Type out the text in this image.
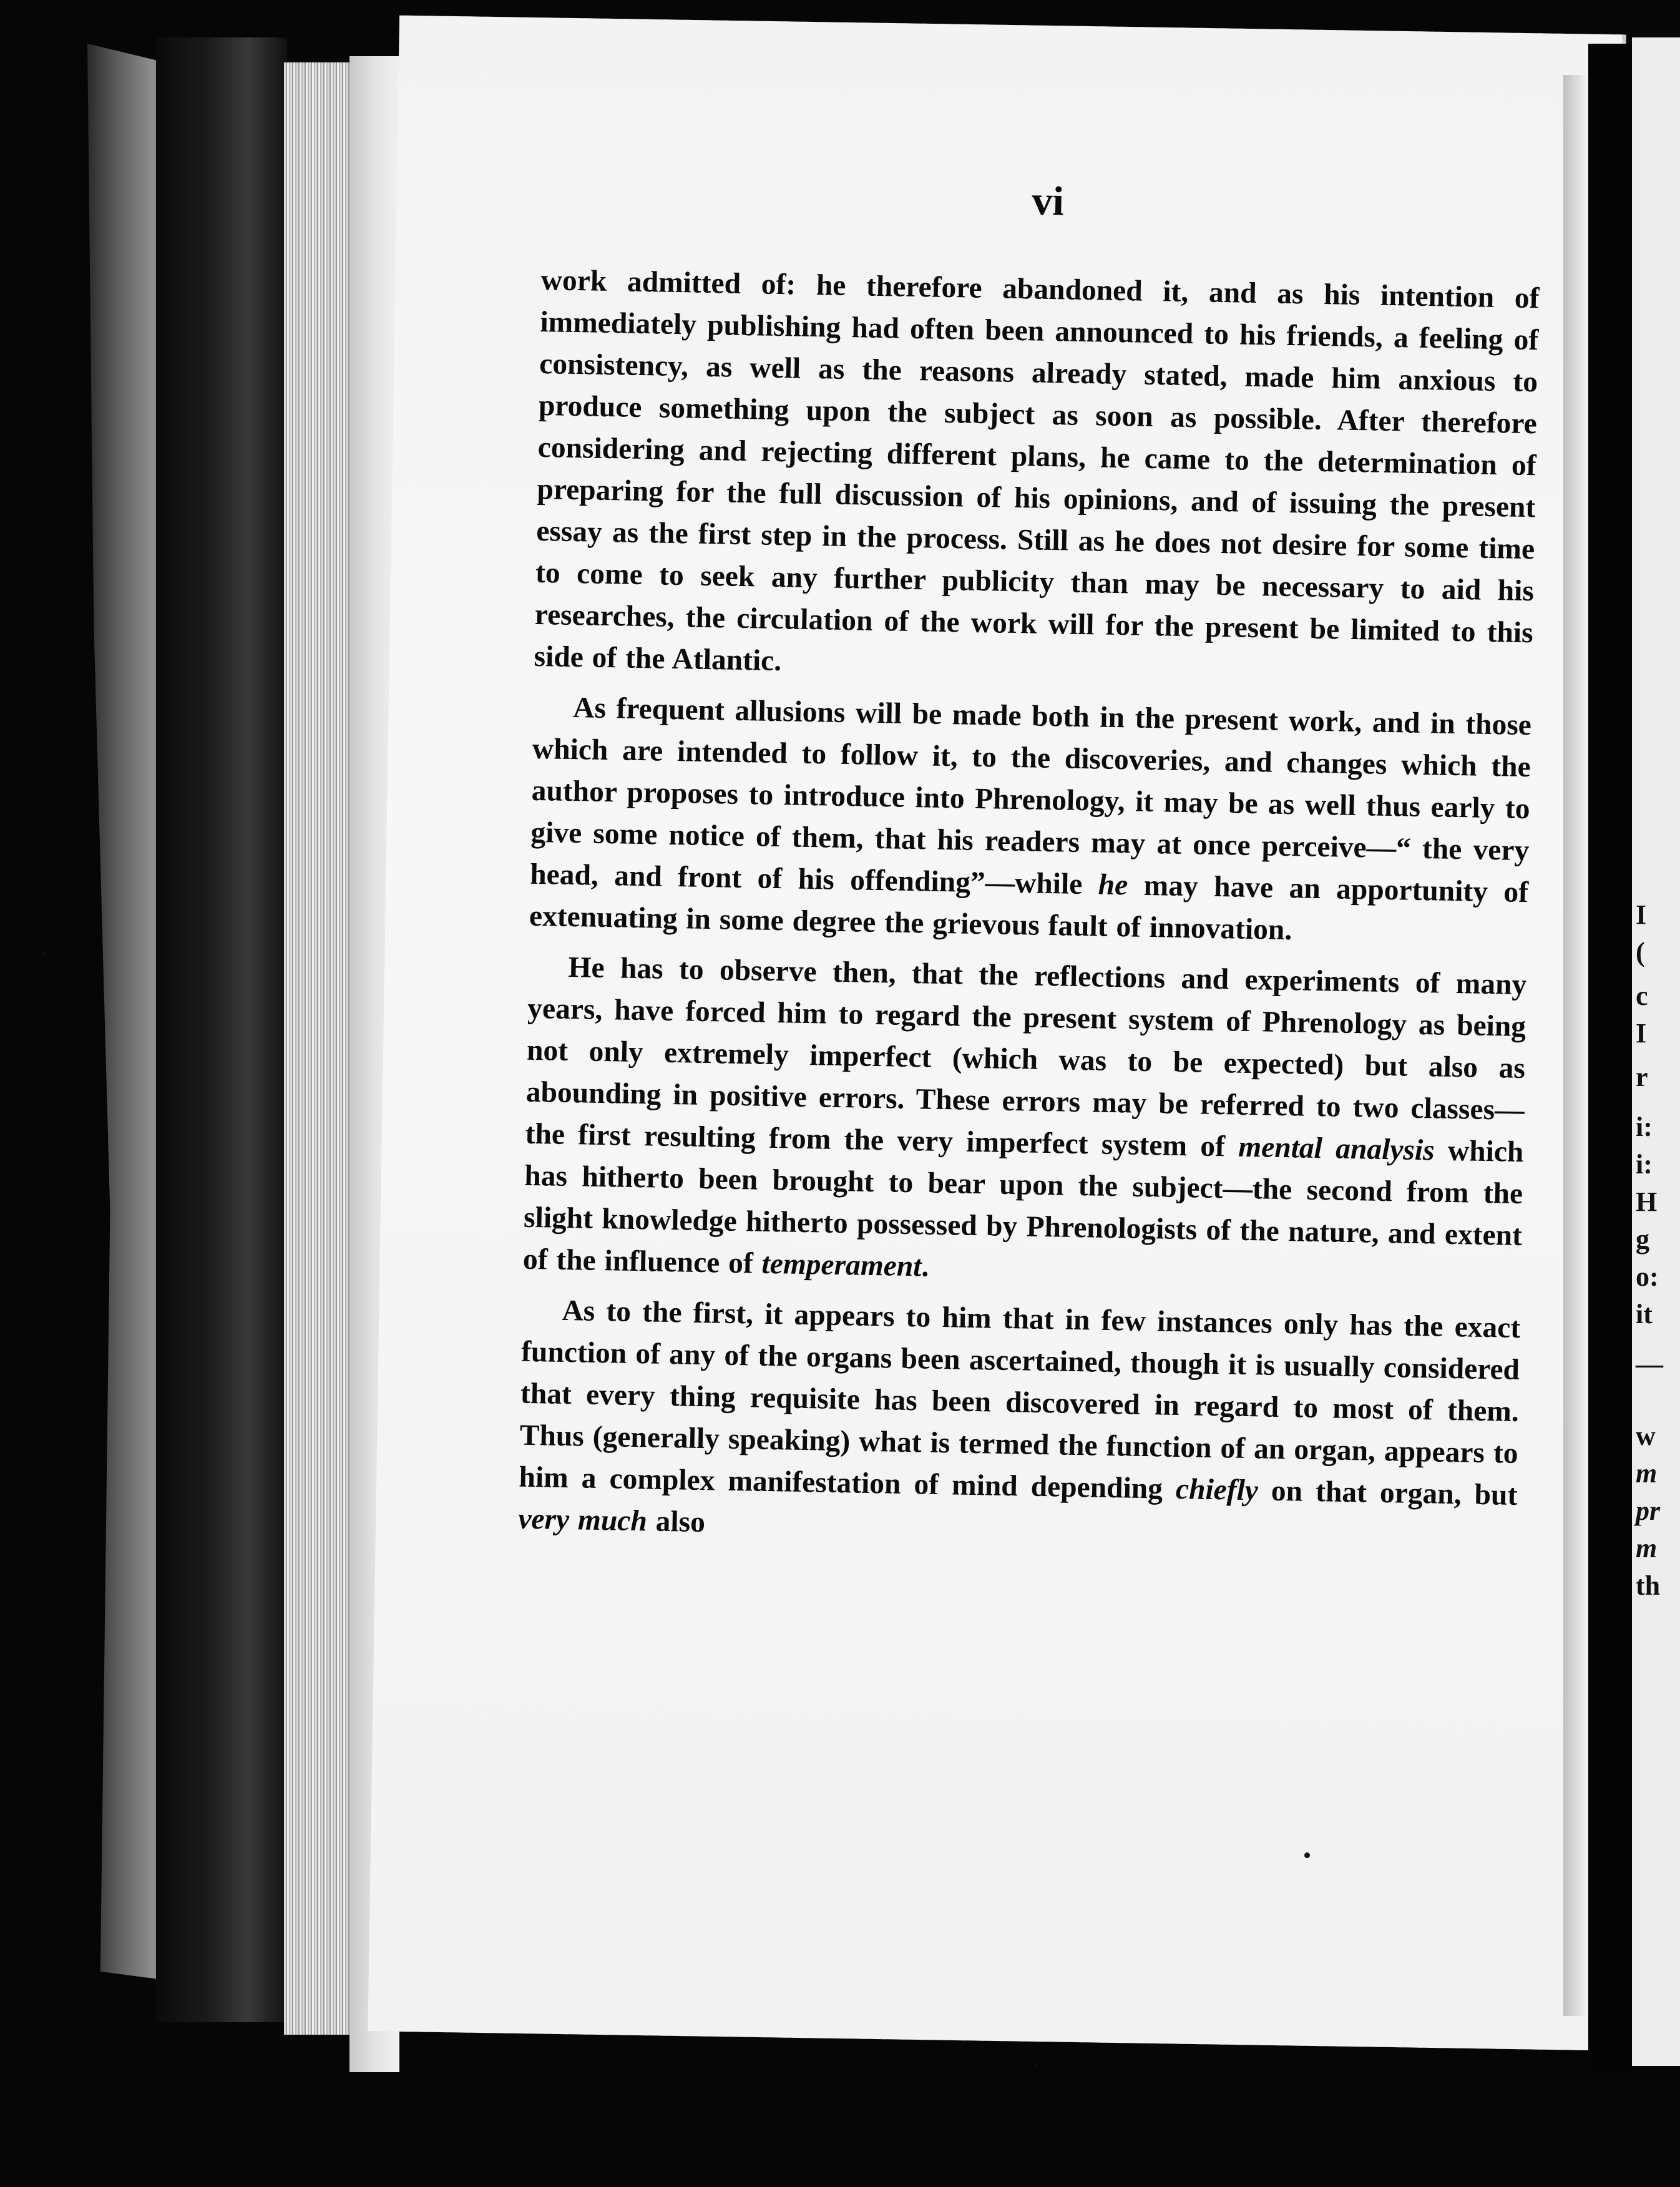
I
(
c
I
r
i:
i:
H
g
o:
it
—
w
m
pr
m
th
vi

work admitted of: he therefore abandoned it, and as his intention of immediately publishing had often been announced to his friends, a feeling of consistency, as well as the reasons already stated, made him anxious to produce something upon the subject as soon as possible. After therefore considering and rejecting different plans, he came to the determination of preparing for the full discussion of his opinions, and of issuing the present essay as the first step in the process. Still as he does not desire for some time to come to seek any further publicity than may be necessary to aid his researches, the circulation of the work will for the present be limited to this side of the Atlantic.

As frequent allusions will be made both in the present work, and in those which are intended to follow it, to the discoveries, and changes which the author proposes to introduce into Phrenology, it may be as well thus early to give some notice of them, that his readers may at once perceive—“ the very head, and front of his offending”—while he may have an apportunity of extenuating in some degree the grievous fault of innovation.

He has to observe then, that the reflections and experiments of many years, have forced him to regard the present system of Phrenology as being not only extremely imperfect (which was to be expected) but also as abounding in positive errors. These errors may be referred to two classes—the first resulting from the very imperfect system of mental analysis which has hitherto been brought to bear upon the subject—the second from the slight knowledge hitherto possessed by Phrenologists of the nature, and extent of the influence of temperament.

As to the first, it appears to him that in few instances only has the exact function of any of the organs been ascertained, though it is usually considered that every thing requisite has been discovered in regard to most of them. Thus (generally speaking) what is termed the function of an organ, appears to him a complex manifestation of mind depending chiefly on that organ, but very much also
